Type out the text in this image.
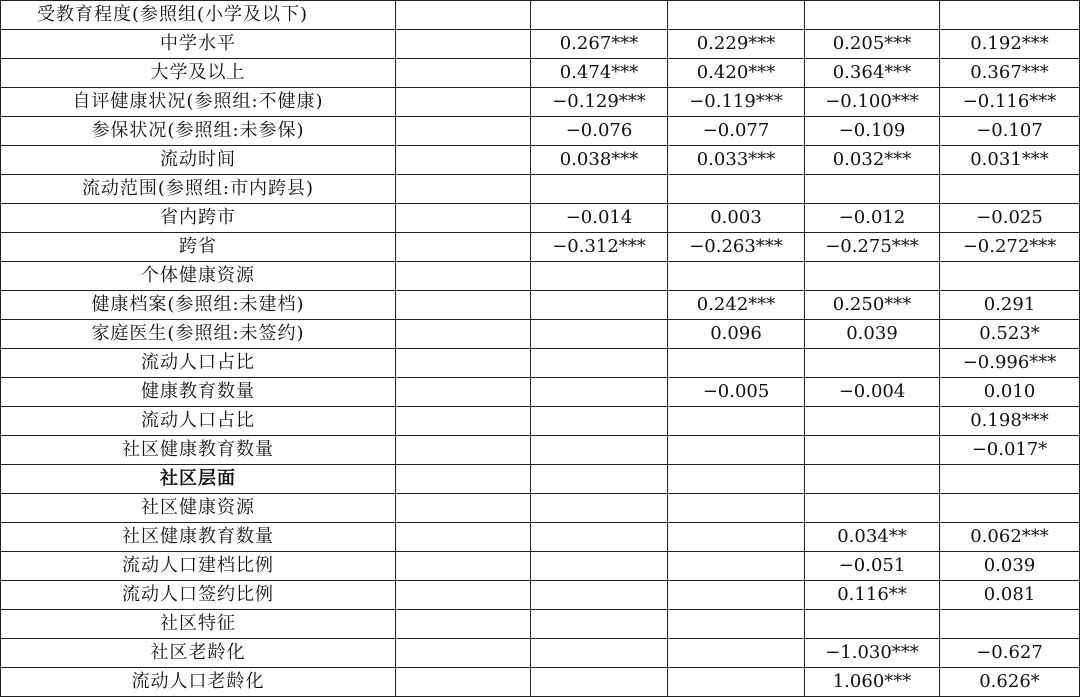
受教育程度(参照组(小学及以下)					
中学水平		0.267***	0.229***	0.205***	0.192***
大学及以上		0.474***	0.420***	0.364***	0.367***
自评健康状况(参照组:不健康)		−0.129***	−0.119***	−0.100***	−0.116***
参保状况(参照组:未参保)		−0.076	−0.077	−0.109	−0.107
流动时间		0.038***	0.033***	0.032***	0.031***
流动范围(参照组:市内跨县)					
省内跨市		−0.014	0.003	−0.012	−0.025
跨省		−0.312***	−0.263***	−0.275***	−0.272***
个体健康资源					
健康档案(参照组:未建档)			0.242***	0.250***	0.291
家庭医生(参照组:未签约)			0.096	0.039	0.523*
流动人口占比					−0.996***
健康教育数量			−0.005	−0.004	0.010
流动人口占比					0.198***
社区健康教育数量					−0.017*
社区层面					
社区健康资源					
社区健康教育数量				0.034**	0.062***
流动人口建档比例				−0.051	0.039
流动人口签约比例				0.116**	0.081
社区特征					
社区老龄化				−1.030***	−0.627
流动人口老龄化				1.060***	0.626*
